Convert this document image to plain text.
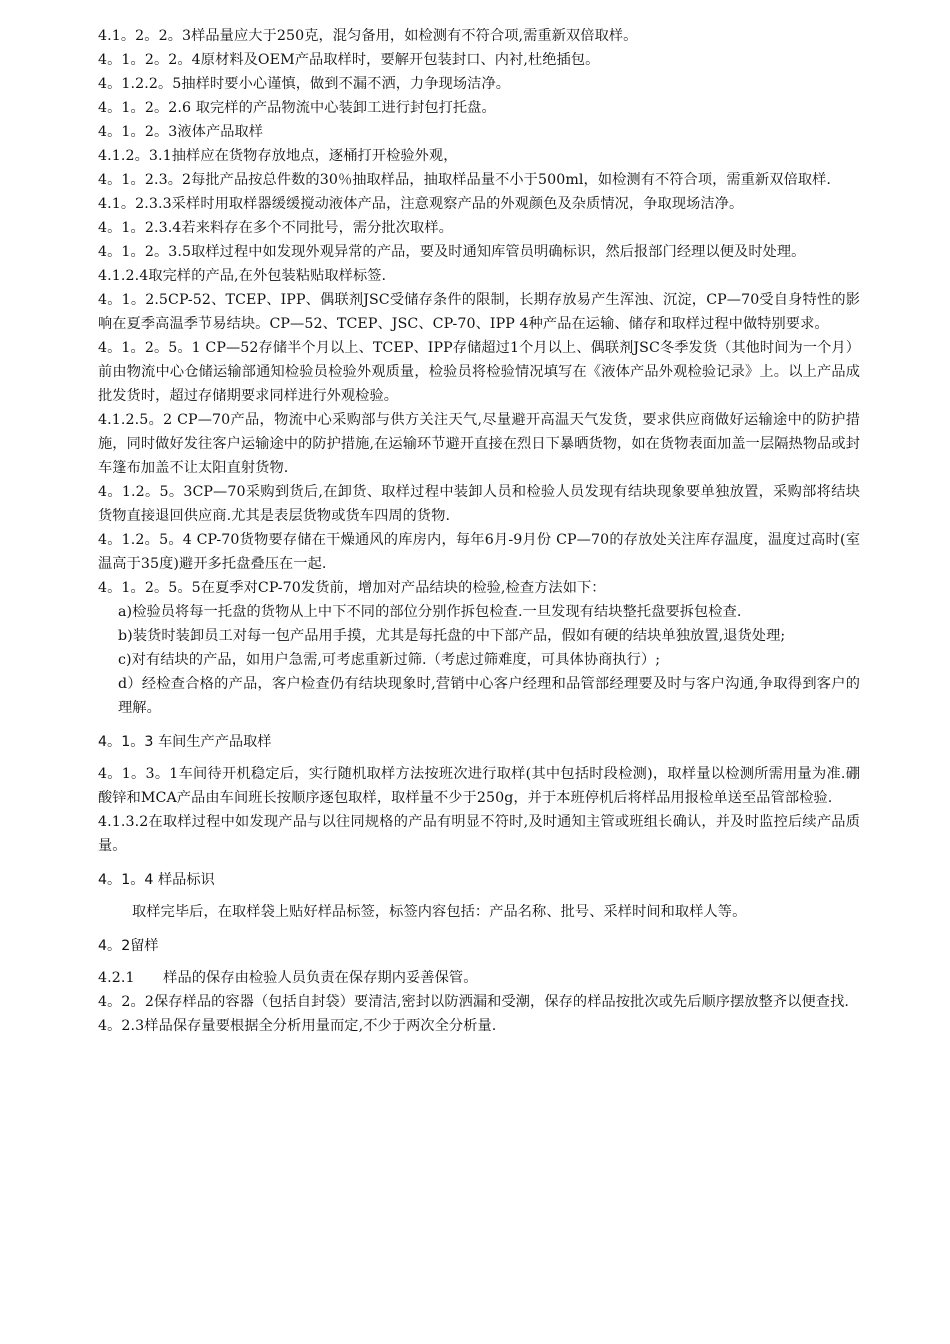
4.1。2。2。3样品量应大于250克，混匀备用，如检测有不符合项,需重新双倍取样。

4。1。2。2。4原材料及OEM产品取样时，要解开包装封口、内衬,杜绝插包。

4。1.2.2。5抽样时要小心谨慎，做到不漏不洒，力争现场洁净。

4。1。2。2.6 取完样的产品物流中心装卸工进行封包打托盘。

4。1。2。3液体产品取样

4.1.2。3.1抽样应在货物存放地点，逐桶打开检验外观，

4。1。2.3。2每批产品按总件数的30％抽取样品，抽取样品量不小于500ml，如检测有不符合项，需重新双倍取样.

4.1。2.3.3采样时用取样器缓缓搅动液体产品，注意观察产品的外观颜色及杂质情况，争取现场洁净。

4。1。2.3.4若来料存在多个不同批号，需分批次取样。

4。1。2。3.5取样过程中如发现外观异常的产品，要及时通知库管员明确标识，然后报部门经理以便及时处理。

4.1.2.4取完样的产品,在外包装粘贴取样标签.

4。1。2.5CP-52、TCEP、IPP、偶联剂JSC受储存条件的限制，长期存放易产生浑浊、沉淀，CP—70受自身特性的影响在夏季高温季节易结块。CP—52、TCEP、JSC、CP-70、IPP 4种产品在运输、储存和取样过程中做特别要求。

4。1。2。5。1 CP—52存储半个月以上、TCEP、IPP存储超过1个月以上、偶联剂JSC冬季发货（其他时间为一个月）前由物流中心仓储运输部通知检验员检验外观质量，检验员将检验情况填写在《液体产品外观检验记录》上。以上产品成批发货时，超过存储期要求同样进行外观检验。

4.1.2.5。2 CP—70产品，物流中心采购部与供方关注天气,尽量避开高温天气发货，要求供应商做好运输途中的防护措施，同时做好发往客户运输途中的防护措施,在运输环节避开直接在烈日下暴晒货物，如在货物表面加盖一层隔热物品或封车篷布加盖不让太阳直射货物.

4。1.2。5。3CP—70采购到货后,在卸货、取样过程中装卸人员和检验人员发现有结块现象要单独放置，采购部将结块货物直接退回供应商.尤其是表层货物或货车四周的货物.

4。1.2。5。4 CP-70货物要存储在干燥通风的库房内，每年6月-9月份 CP—70的存放处关注库存温度，温度过高时(室温高于35度)避开多托盘叠压在一起.

4。1。2。5。5在夏季对CP-70发货前，增加对产品结块的检验,检查方法如下：

a)检验员将每一托盘的货物从上中下不同的部位分别作拆包检查.一旦发现有结块整托盘要拆包检查.

b)装货时装卸员工对每一包产品用手摸，尤其是每托盘的中下部产品，假如有硬的结块单独放置,退货处理;

c)对有结块的产品，如用户急需,可考虑重新过筛.（考虑过筛难度，可具体协商执行）;

d）经检查合格的产品，客户检查仍有结块现象时,营销中心客户经理和品管部经理要及时与客户沟通,争取得到客户的理解。

4。1。3 车间生产产品取样

4。1。3。1车间待开机稳定后，实行随机取样方法按班次进行取样(其中包括时段检测)，取样量以检测所需用量为准.硼酸锌和MCA产品由车间班长按顺序逐包取样，取样量不少于250g，并于本班停机后将样品用报检单送至品管部检验.

4.1.3.2在取样过程中如发现产品与以往同规格的产品有明显不符时,及时通知主管或班组长确认，并及时监控后续产品质量。

4。1。4 样品标识

取样完毕后，在取样袋上贴好样品标签，标签内容包括：产品名称、批号、采样时间和取样人等。

4。2留样

4.2.1　　样品的保存由检验人员负责在保存期内妥善保管。

4。2。2保存样品的容器（包括自封袋）要清洁,密封以防洒漏和受潮，保存的样品按批次或先后顺序摆放整齐以便查找.

4。2.3样品保存量要根据全分析用量而定,不少于两次全分析量.
